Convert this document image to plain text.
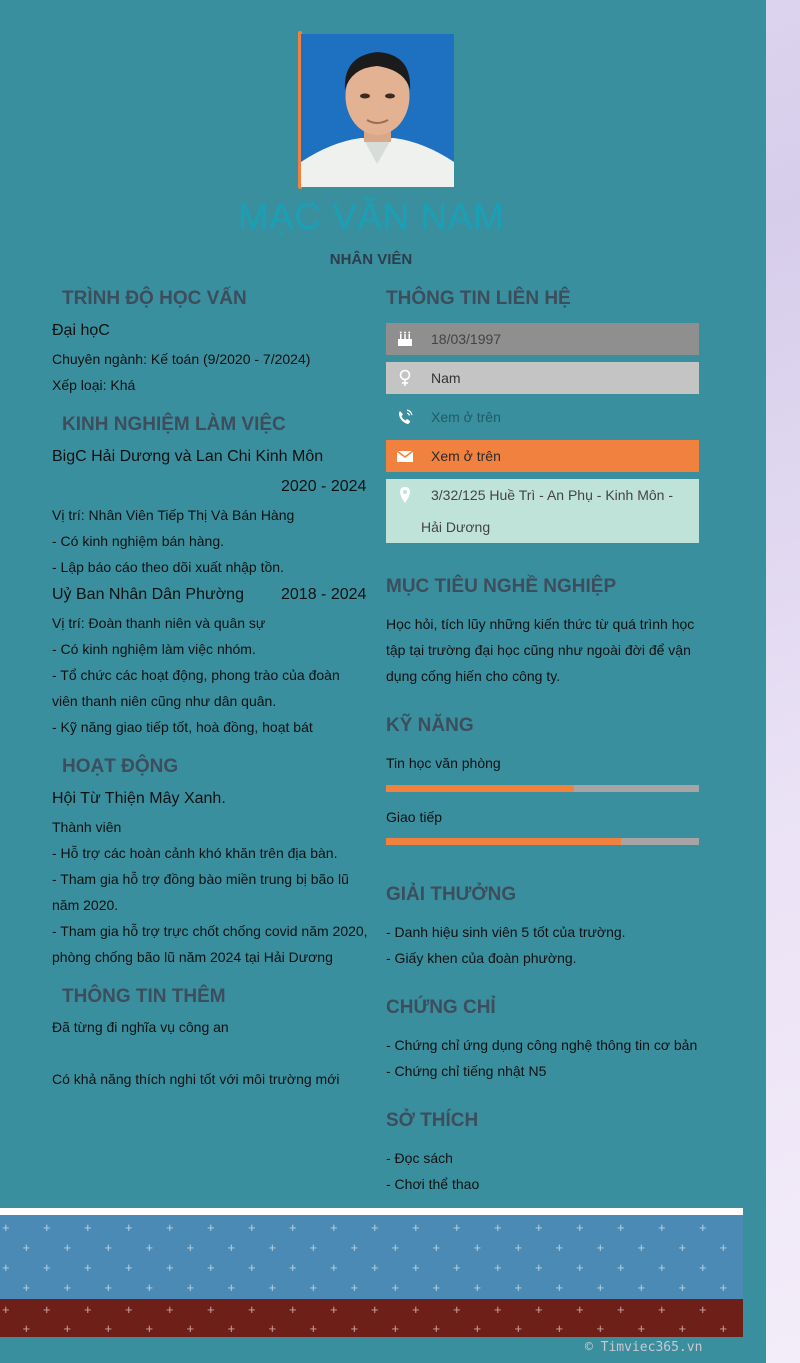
MẠC VĂN NAM
NHÂN VIÊN
TRÌNH ĐỘ HỌC VẤN
Đại họC
Chuyên ngành: Kế toán (9/2020 - 7/2024)
Xếp loại: Khá
KINH NGHIỆM LÀM VIỆC
BigC Hải Dương và Lan Chi Kinh Môn
2020 - 2024
Vị trí: Nhân Viên Tiếp Thị Và Bán Hàng
- Có kinh nghiệm bán hàng.
- Lập báo cáo theo dõi xuất nhập tồn.
Uỷ Ban Nhân Dân Phường 2018 - 2024
Vị trí: Đoàn thanh niên và quân sự
- Có kinh nghiệm làm việc nhóm.
- Tổ chức các hoạt động, phong trào của đoàn
viên thanh niên cũng như dân quân.
- Kỹ năng giao tiếp tốt, hoà đồng, hoạt bát
HOẠT ĐỘNG
Hội Từ Thiện Mây Xanh.
Thành viên
- Hỗ trợ các hoàn cảnh khó khăn trên địa bàn.
- Tham gia hỗ trợ đồng bào miền trung bị bão lũ
năm 2020.
- Tham gia hỗ trợ trực chốt chống covid năm 2020,
phòng chống bão lũ năm 2024 tại Hải Dương
THÔNG TIN THÊM
Đã từng đi nghĩa vụ công an
Có khả năng thích nghi tốt với môi trường mới
THÔNG TIN LIÊN HỆ
18/03/1997
Nam
Xem ở trên
Xem ở trên
3/32/125 Huề Trì - An Phụ - Kinh Môn -
Hải Dương
MỤC TIÊU NGHỀ NGHIỆP
Học hỏi, tích lũy những kiến thức từ quá trình học
tập tại trường đại học cũng như ngoài đời để vận
dụng cống hiến cho công ty.
KỸ NĂNG
Tin học văn phòng
Giao tiếp
GIẢI THƯỞNG
- Danh hiệu sinh viên 5 tốt của trường.
- Giấy khen của đoàn phường.
CHỨNG CHỈ
- Chứng chỉ ứng dụng công nghệ thông tin cơ bản
- Chứng chỉ tiếng nhật N5
SỞ THÍCH
- Đọc sách
- Chơi thể thao
+	+	+	+	+	+	+	+	+	+	+	+	+	+	+	+	+	+
+	+	+	+	+	+	+	+	+	+	+	+	+	+	+	+	+	+
+	+	+	+	+	+	+	+	+	+	+	+	+	+	+	+	+	+
+	+	+	+	+	+	+	+	+	+	+	+	+	+	+	+	+	+
+	+	+	+	+	+	+	+	+	+	+	+	+	+	+	+	+	+
+	+	+	+	+	+	+	+	+	+	+	+	+	+	+	+	+	+
© Timviec365.vn
